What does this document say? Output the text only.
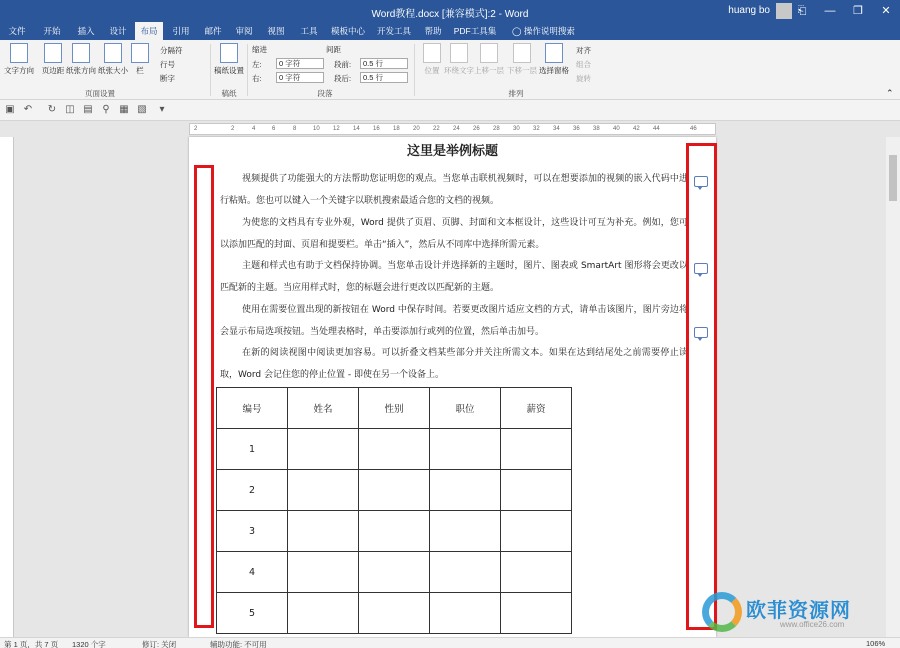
Word教程.docx [兼容模式]:2 - Word	huang bo	⎗	—	❐	✕
文件	开始	插入	设计	布局	引用	邮件	审阅	视图	工具	模板中心	开发工具	帮助	PDF工具集 ◯ 操作说明搜索
文字方向	页边距 纸张方向 纸张大小	栏
分隔符
行号
断字
页面设置
稿纸设置
稿纸
缩进	间距
左:
右:
0 字符
0 字符
段前:
段后:
0.5 行
0.5 行
段落
位置 环绕文字 上移一层 下移一层 选择窗格
对齐
组合
旋转
排列	⌃
▣ ↶ ↻ ◫ ▤ ⚲ ▦ ▧	▾
2	2	4	6	8	10 12 14 16 18 20 22 24 26 28 30 32 34 36 38 40 42 44	46
这里是举例标题
视频提供了功能强大的方法帮助您证明您的观点。当您单击联机视频时，可以在想要添加的视频的嵌入代码中进行粘贴。您也可以键入一个关键字以联机搜索最适合您的文档的视频。
为使您的文档具有专业外观，Word 提供了页眉、页脚、封面和文本框设计，这些设计可互为补充。例如，您可以添加匹配的封面、页眉和提要栏。单击“插入”，然后从不同库中选择所需元素。
主题和样式也有助于文档保持协调。当您单击设计并选择新的主题时，图片、图表或 SmartArt 图形将会更改以匹配新的主题。当应用样式时，您的标题会进行更改以匹配新的主题。
使用在需要位置出现的新按钮在 Word 中保存时间。若要更改图片适应文档的方式，请单击该图片，图片旁边将会显示布局选项按钮。当处理表格时，单击要添加行或列的位置，然后单击加号。
在新的阅读视图中阅读更加容易。可以折叠文档某些部分并关注所需文本。如果在达到结尾处之前需要停止读取，Word 会记住您的停止位置 - 即使在另一个设备上。
编号	姓名	性别	职位	薪资
1				
2				
3				
4				
5					欧菲资源网
www.office26.com
第 1 页，共 7 页 1320 个字	修订: 关闭	辅助功能: 不可用	106%
